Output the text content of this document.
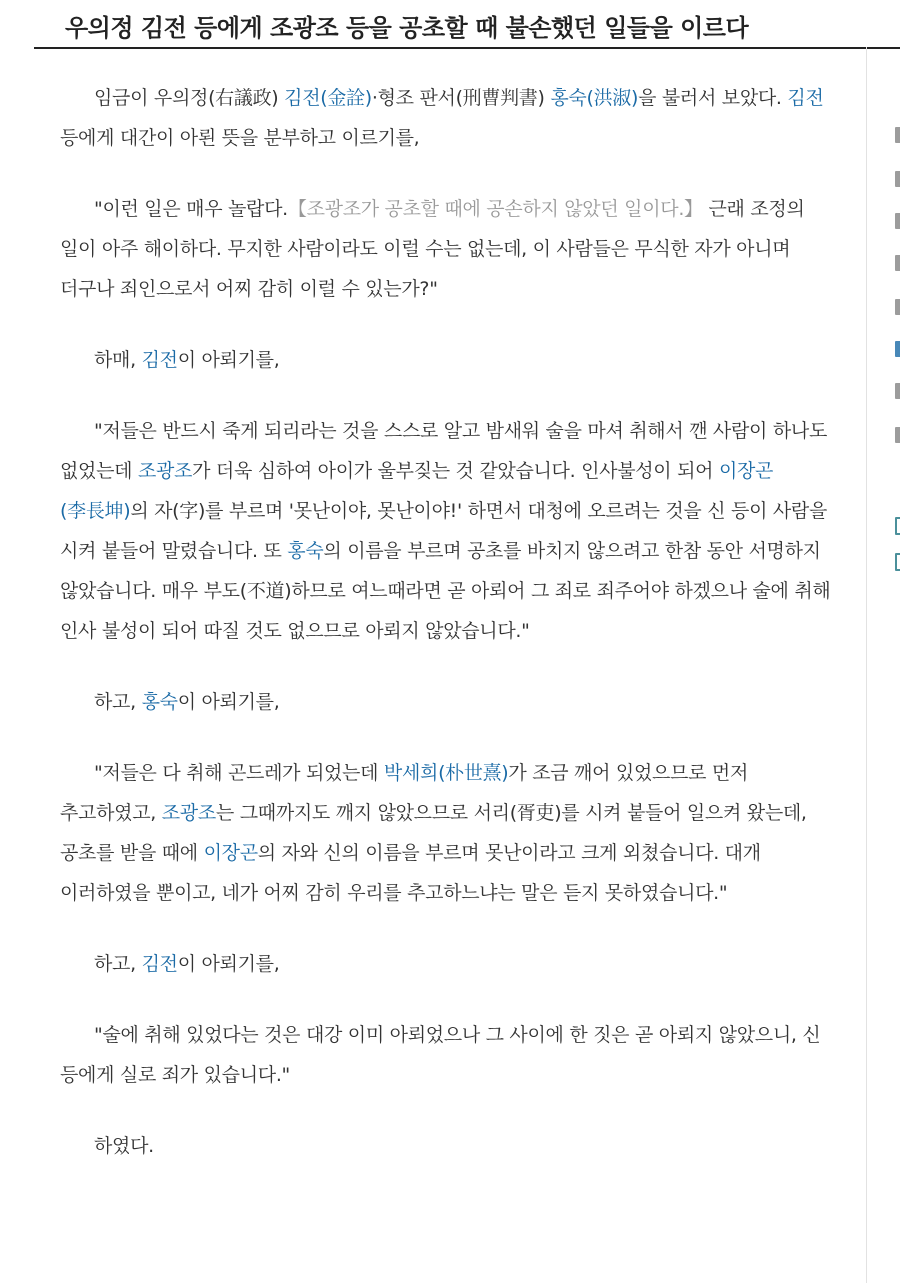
우의정 김전 등에게 조광조 등을 공초할 때 불손했던 일들을 이르다

임금이 우의정(右議政) 김전(金詮)·형조 판서(刑曹判書) 홍숙(洪淑)을 불러서 보았다. 김전 등에게 대간이 아뢴 뜻을 분부하고 이르기를,

"이런 일은 매우 놀랍다.【조광조가 공초할 때에 공손하지 않았던 일이다.】 근래 조정의 일이 아주 해이하다. 무지한 사람이라도 이럴 수는 없는데, 이 사람들은 무식한 자가 아니며 더구나 죄인으로서 어찌 감히 이럴 수 있는가?"

하매, 김전이 아뢰기를,

"저들은 반드시 죽게 되리라는 것을 스스로 알고 밤새워 술을 마셔 취해서 깬 사람이 하나도 없었는데 조광조가 더욱 심하여 아이가 울부짖는 것 같았습니다. 인사불성이 되어 이장곤(李長坤)의 자(字)를 부르며 '못난이야, 못난이야!' 하면서 대청에 오르려는 것을 신 등이 사람을 시켜 붙들어 말렸습니다. 또 홍숙의 이름을 부르며 공초를 바치지 않으려고 한참 동안 서명하지 않았습니다. 매우 부도(不道)하므로 여느때라면 곧 아뢰어 그 죄로 죄주어야 하겠으나 술에 취해 인사 불성이 되어 따질 것도 없으므로 아뢰지 않았습니다."

하고, 홍숙이 아뢰기를,

"저들은 다 취해 곤드레가 되었는데 박세희(朴世熹)가 조금 깨어 있었으므로 먼저 추고하였고, 조광조는 그때까지도 깨지 않았으므로 서리(胥吏)를 시켜 붙들어 일으켜 왔는데, 공초를 받을 때에 이장곤의 자와 신의 이름을 부르며 못난이라고 크게 외쳤습니다. 대개 이러하였을 뿐이고, 네가 어찌 감히 우리를 추고하느냐는 말은 듣지 못하였습니다."

하고, 김전이 아뢰기를,

"술에 취해 있었다는 것은 대강 이미 아뢰었으나 그 사이에 한 짓은 곧 아뢰지 않았으니, 신 등에게 실로 죄가 있습니다."

하였다.
